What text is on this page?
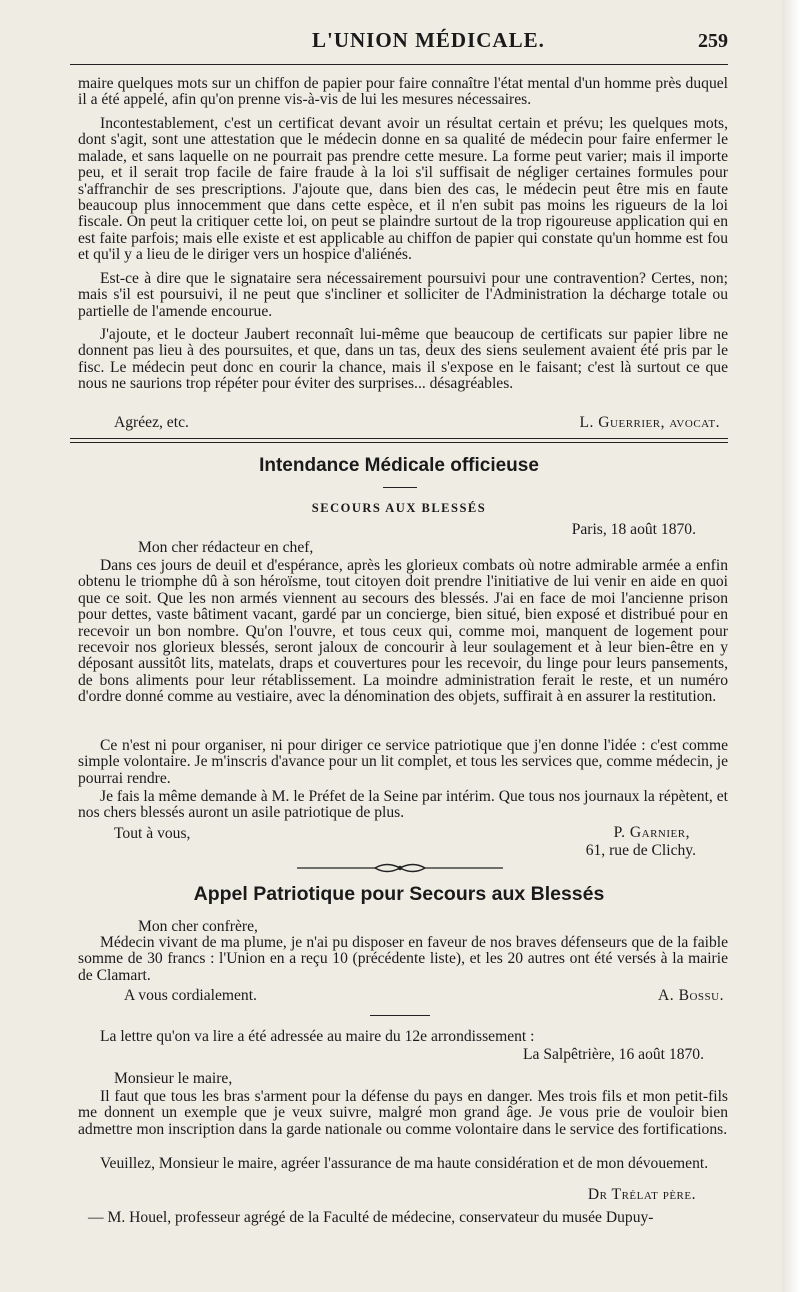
L'UNION MÉDICALE.	259

maire quelques mots sur un chiffon de papier pour faire connaître l'état mental d'un homme près duquel il a été appelé, afin qu'on prenne vis-à-vis de lui les mesures nécessaires.

Incontestablement, c'est un certificat devant avoir un résultat certain et prévu; les quelques mots, dont s'agit, sont une attestation que le médecin donne en sa qualité de médecin pour faire enfermer le malade, et sans laquelle on ne pourrait pas prendre cette mesure. La forme peut varier; mais il importe peu, et il serait trop facile de faire fraude à la loi s'il suffisait de négliger certaines formules pour s'affranchir de ses prescriptions. J'ajoute que, dans bien des cas, le médecin peut être mis en faute beaucoup plus innocemment que dans cette espèce, et il n'en subit pas moins les rigueurs de la loi fiscale. On peut la critiquer cette loi, on peut se plaindre surtout de la trop rigoureuse application qui en est faite parfois; mais elle existe et est applicable au chiffon de papier qui constate qu'un homme est fou et qu'il y a lieu de le diriger vers un hospice d'aliénés.

Est-ce à dire que le signataire sera nécessairement poursuivi pour une contravention? Certes, non; mais s'il est poursuivi, il ne peut que s'incliner et solliciter de l'Administration la décharge totale ou partielle de l'amende encourue.

J'ajoute, et le docteur Jaubert reconnaît lui-même que beaucoup de certificats sur papier libre ne donnent pas lieu à des poursuites, et que, dans un tas, deux des siens seulement avaient été pris par le fisc. Le médecin peut donc en courir la chance, mais il s'expose en le faisant; c'est là surtout ce que nous ne saurions trop répéter pour éviter des surprises... désagréables.

Agréez, etc.	L. Guerrier, avocat.

Intendance Médicale officieuse

SECOURS AUX BLESSÉS

Paris, 18 août 1870.

Mon cher rédacteur en chef,

Dans ces jours de deuil et d'espérance, après les glorieux combats où notre admirable armée a enfin obtenu le triomphe dû à son héroïsme, tout citoyen doit prendre l'initiative de lui venir en aide en quoi que ce soit. Que les non armés viennent au secours des blessés. J'ai en face de moi l'ancienne prison pour dettes, vaste bâtiment vacant, gardé par un concierge, bien situé, bien exposé et distribué pour en recevoir un bon nombre. Qu'on l'ouvre, et tous ceux qui, comme moi, manquent de logement pour recevoir nos glorieux blessés, seront jaloux de concourir à leur soulagement et à leur bien-être en y déposant aussitôt lits, matelats, draps et couvertures pour les recevoir, du linge pour leurs pansements, de bons aliments pour leur rétablissement. La moindre administration ferait le reste, et un numéro d'ordre donné comme au vestiaire, avec la dénomination des objets, suffirait à en assurer la restitution.

Ce n'est ni pour organiser, ni pour diriger ce service patriotique que j'en donne l'idée : c'est comme simple volontaire. Je m'inscris d'avance pour un lit complet, et tous les services que, comme médecin, je pourrai rendre.

Je fais la même demande à M. le Préfet de la Seine par intérim. Que tous nos journaux la répètent, et nos chers blessés auront un asile patriotique de plus.

Tout à vous,	P. Garnier,

61, rue de Clichy.

Appel Patriotique pour Secours aux Blessés

Mon cher confrère,

Médecin vivant de ma plume, je n'ai pu disposer en faveur de nos braves défenseurs que de la faible somme de 30 francs : l'Union en a reçu 10 (précédente liste), et les 20 autres ont été versés à la mairie de Clamart.

A vous cordialement.	A. Bossu.

La lettre qu'on va lire a été adressée au maire du 12e arrondissement :

La Salpêtrière, 16 août 1870.

Monsieur le maire,

Il faut que tous les bras s'arment pour la défense du pays en danger. Mes trois fils et mon petit-fils me donnent un exemple que je veux suivre, malgré mon grand âge. Je vous prie de vouloir bien admettre mon inscription dans la garde nationale ou comme volontaire dans le service des fortifications.

Veuillez, Monsieur le maire, agréer l'assurance de ma haute considération et de mon dévouement.

Dr Trélat père.

— M. Houel, professeur agrégé de la Faculté de médecine, conservateur du musée Dupuy-
